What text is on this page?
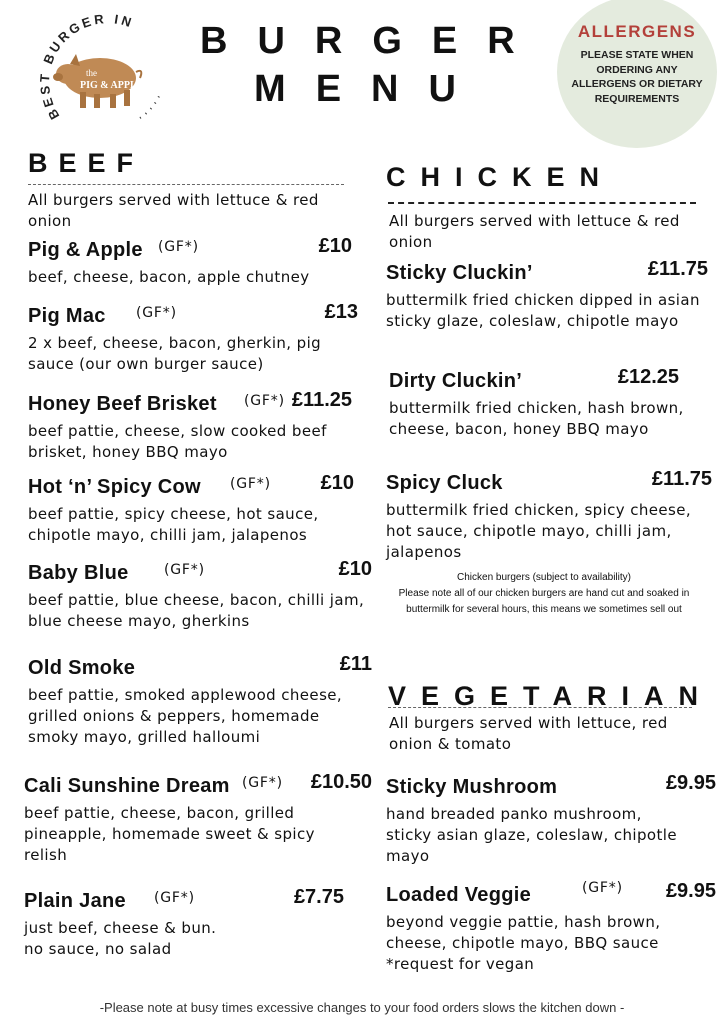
BEST BURGER IN
the
PIG & APPLE
BURGER
MENU
ALLERGENS
PLEASE STATE WHEN ORDERING ANY ALLERGENS OR DIETARY REQUIREMENTS
BEEF
All burgers served with lettuce & red onion
Pig & Apple (GF*)	£10
beef, cheese, bacon, apple chutney
Pig Mac (GF*)	£13
2 x beef, cheese, bacon, gherkin, pig sauce (our own burger sauce)
Honey Beef Brisket (GF*) £11.25
beef pattie, cheese, slow cooked beef brisket, honey BBQ mayo
Hot ‘n’ Spicy Cow (GF*) £10
beef pattie, spicy cheese, hot sauce, chipotle mayo, chilli jam, jalapenos
Baby Blue	(GF*)	£10
beef pattie, blue cheese, bacon, chilli jam, blue cheese mayo, gherkins
Old Smoke	£11
beef pattie, smoked applewood cheese, grilled onions & peppers, homemade smoky mayo, grilled halloumi
Cali Sunshine Dream (GF*) £10.50
beef pattie, cheese, bacon, grilled pineapple, homemade sweet & spicy relish
Plain Jane (GF*)	£7.75
just beef, cheese & bun. no sauce, no salad
CHICKEN
All burgers served with lettuce & red onion
Sticky Cluckin’	£11.75
buttermilk fried chicken dipped in asian sticky glaze, coleslaw, chipotle mayo
Dirty Cluckin’	£12.25
buttermilk fried chicken, hash brown, cheese, bacon, honey BBQ mayo
Spicy Cluck	£11.75
buttermilk fried chicken, spicy cheese, hot sauce, chipotle mayo, chilli jam, jalapenos
Chicken burgers (subject to availability)
Please note all of our chicken burgers are hand cut and soaked in buttermilk for several hours, this means we sometimes sell out
VEGETARIAN
All burgers served with lettuce, red onion & tomato
Sticky Mushroom	£9.95
hand breaded panko mushroom, sticky asian glaze, coleslaw, chipotle mayo
Loaded Veggie	(GF*) £9.95
beyond veggie pattie, hash brown, cheese, chipotle mayo, BBQ sauce *request for vegan
-Please note at busy times excessive changes to your food orders slows the kitchen down -
